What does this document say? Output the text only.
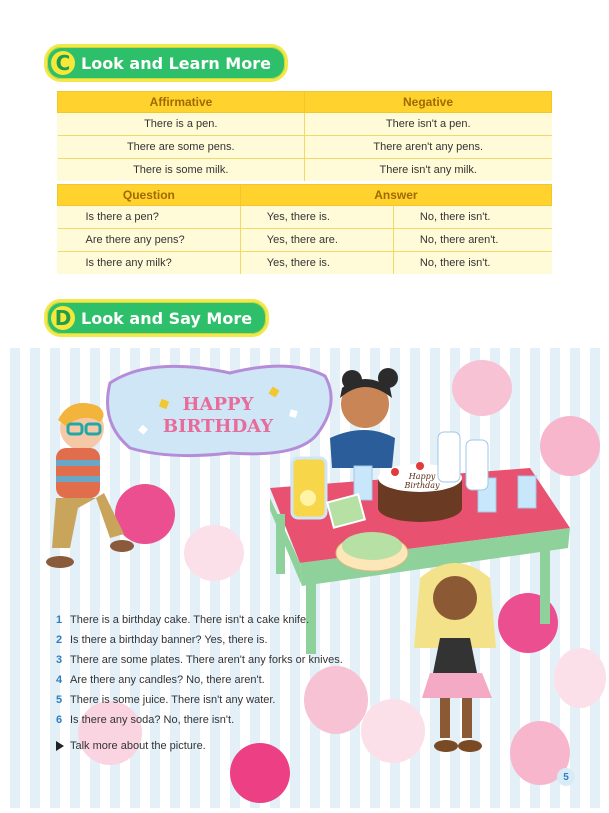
C Look and Learn More
Affirmative	Negative
There is a pen.	There isn't a pen.
There are some pens.	There aren't any pens.
There is some milk.	There isn't any milk.
Question	Answer	
Is there a pen?	Yes, there is.	No, there isn't.
Are there any pens?	Yes, there are.	No, there aren't.
Is there any milk?	Yes, there is.	No, there isn't.
D Look and Say More
HAPPY
BIRTHDAY
Happy Birthday
1 There is a birthday cake. There isn't a cake knife.
2 Is there a birthday banner? Yes, there is.
3 There are some plates. There aren't any forks or knives.
4 Are there any candles? No, there aren't.
5 There is some juice. There isn't any water.
6 Is there any soda? No, there isn't.
Talk more about the picture.
5
